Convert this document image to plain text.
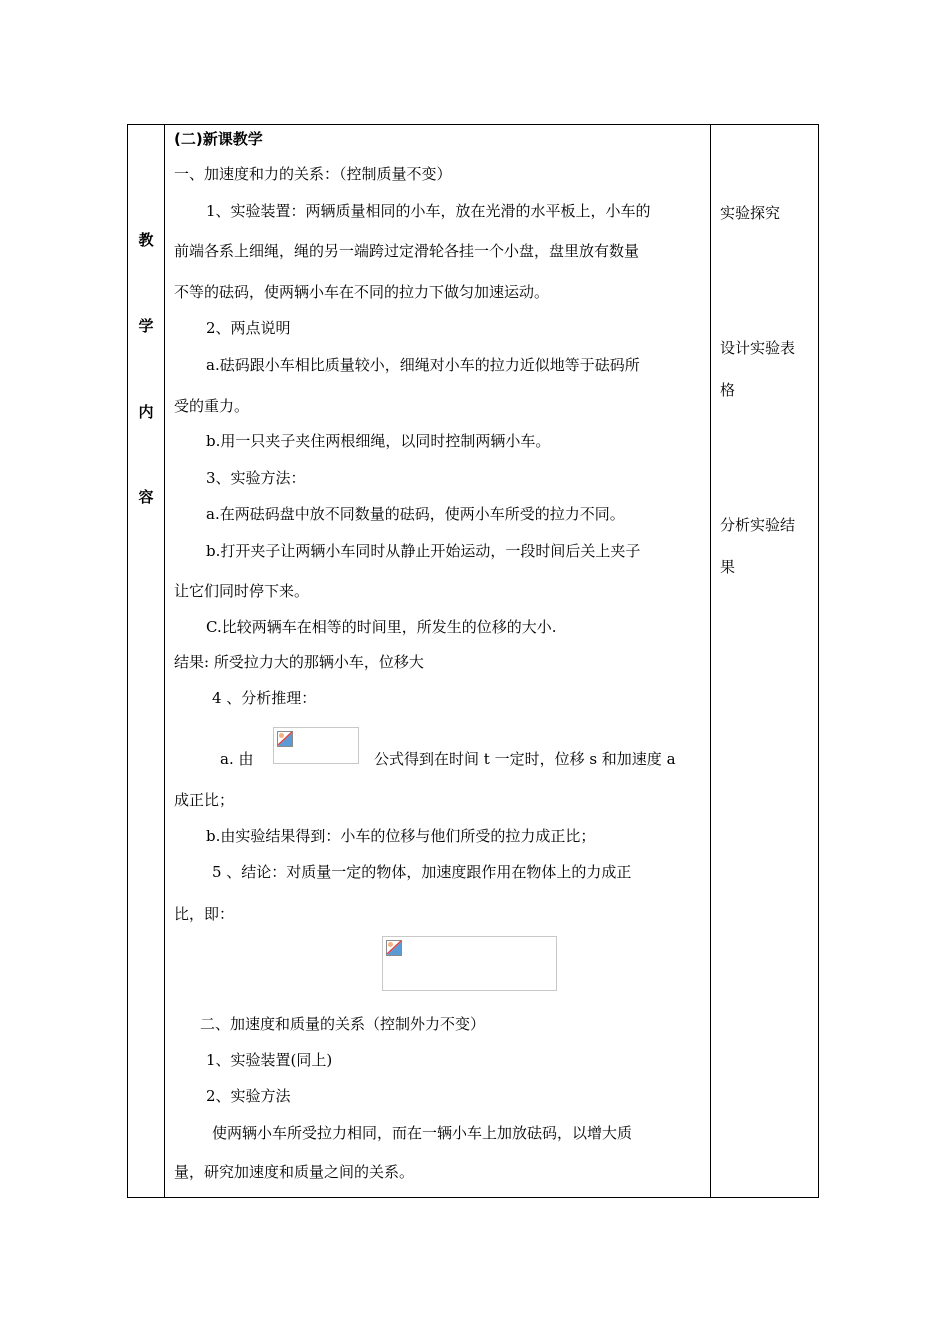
教
学
内
容
(二)新课教学
一、加速度和力的关系：（控制质量不变）
1、实验装置：两辆质量相同的小车，放在光滑的水平板上，小车的
前端各系上细绳，绳的另一端跨过定滑轮各挂一个小盘，盘里放有数量
不等的砝码，使两辆小车在不同的拉力下做匀加速运动。
2、两点说明
a.砝码跟小车相比质量较小，细绳对小车的拉力近似地等于砝码所
受的重力。
b.用一只夹子夹住两根细绳，以同时控制两辆小车。
3、实验方法：
a.在两砝码盘中放不同数量的砝码，使两小车所受的拉力不同。
b.打开夹子让两辆小车同时从静止开始运动，一段时间后关上夹子
让它们同时停下来。
C.比较两辆车在相等的时间里，所发生的位移的大小.
结果: 所受拉力大的那辆小车，位移大
4 、分析推理：
a. 由	公式得到在时间 t 一定时，位移 s 和加速度 a
成正比；
b.由实验结果得到：小车的位移与他们所受的拉力成正比；
5 、结论：对质量一定的物体，加速度跟作用在物体上的力成正
比，即：
二、加速度和质量的关系（控制外力不变）
1、实验装置(同上)
2、实验方法
使两辆小车所受拉力相同，而在一辆小车上加放砝码，以增大质
量，研究加速度和质量之间的关系。
实验探究
设计实验表
格
分析实验结
果
